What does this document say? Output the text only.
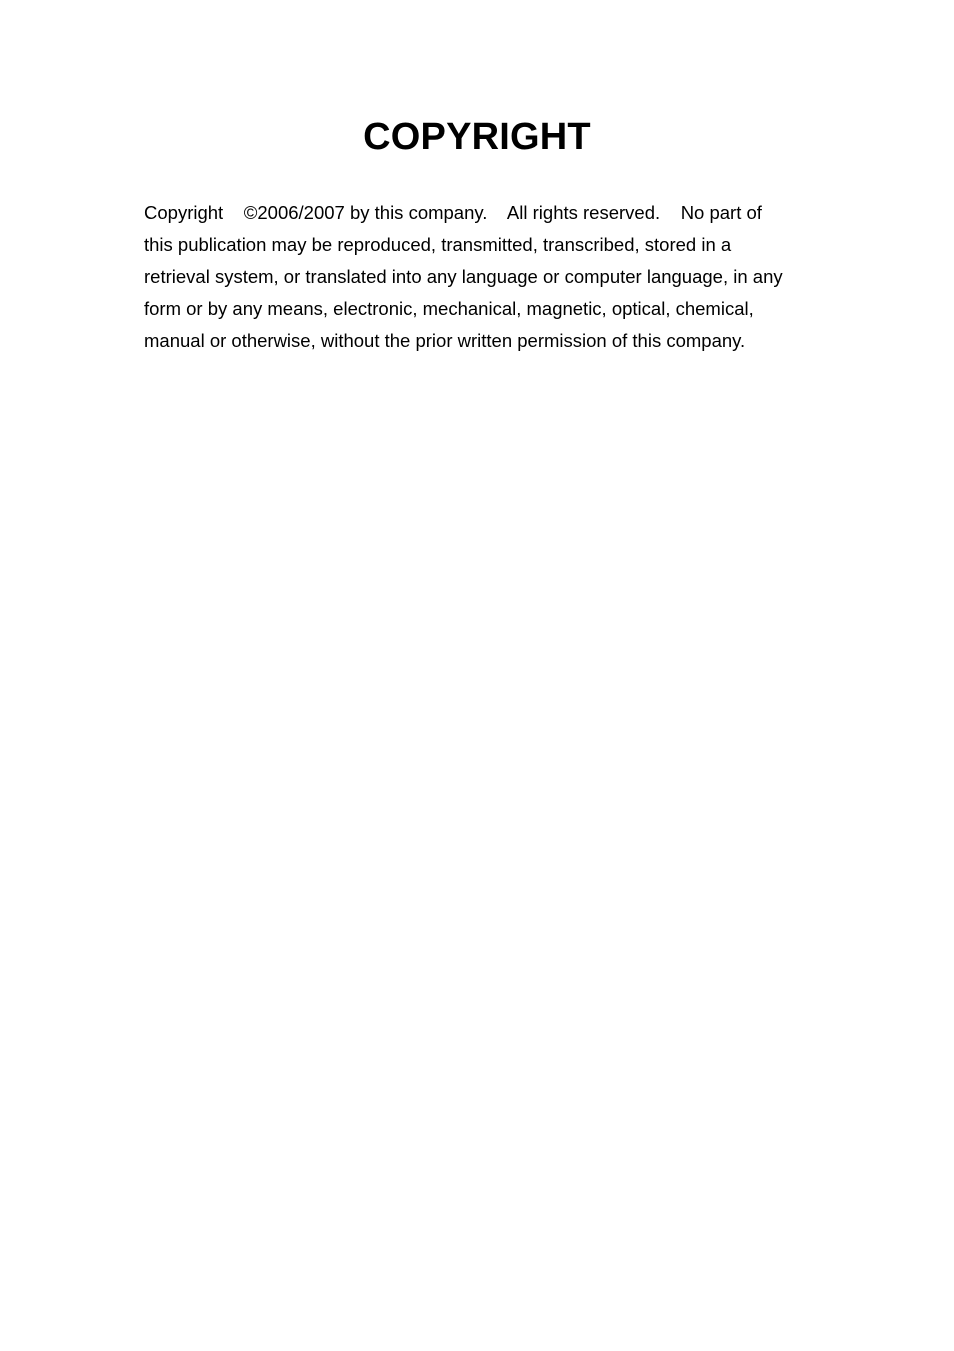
COPYRIGHT
Copyright    ©2006/2007 by this company.    All rights reserved.    No part of
this publication may be reproduced, transmitted, transcribed, stored in a
retrieval system, or translated into any language or computer language, in any
form or by any means, electronic, mechanical, magnetic, optical, chemical,
manual or otherwise, without the prior written permission of this company.
